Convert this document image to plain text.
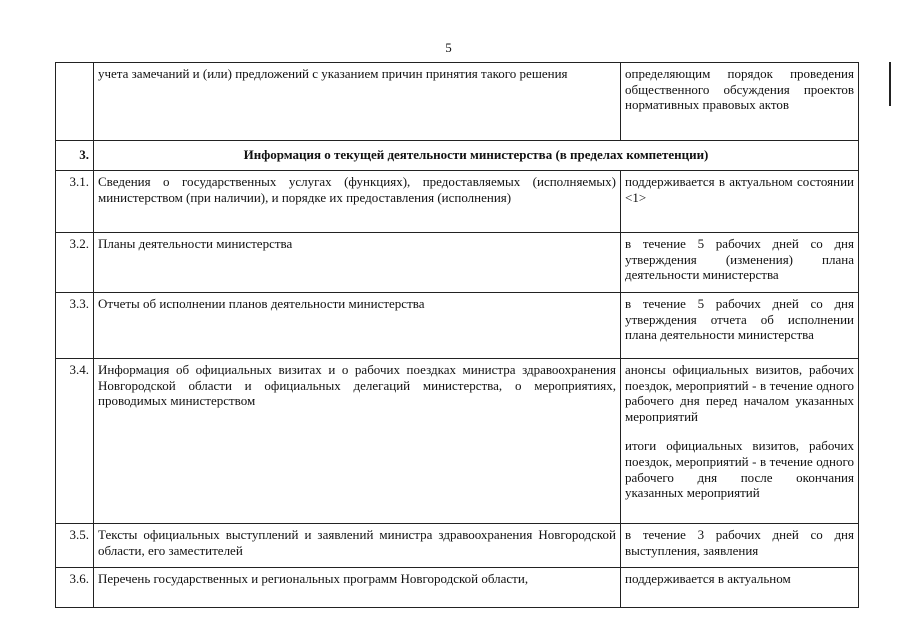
5
	учета замечаний и (или) предложений с указанием причин принятия такого решения	определяющим порядок проведения общественного обсуждения проектов нормативных правовых актов
3.	Информация о текущей деятельности министерства (в пределах компетенции)	
3.1.	Сведения о государственных услугах (функциях), предоставляемых (исполняемых) министерством (при наличии), и порядке их предоставления (исполнения)	поддерживается в актуальном состоянии <1>
3.2.	Планы деятельности министерства	в течение 5 рабочих дней со дня утверждения (изменения) плана деятельности министерства
3.3.	Отчеты об исполнении планов деятельности министерства	в течение 5 рабочих дней со дня утверждения отчета об исполнении плана деятельности министерства
3.4.	Информация об официальных визитах и о рабочих поездках министра здравоохранения Новгородской области и официальных делегаций министерства, о мероприятиях, проводимых министерством	анонсы официальных визитов, рабочих поездок, мероприятий - в течение одного рабочего дня перед началом указанных мероприятий

итоги официальных визитов, рабочих поездок, мероприятий - в течение одного рабочего дня после окончания указанных мероприятий

3.5.	Тексты официальных выступлений и заявлений министра здравоохранения Новгородской области, его заместителей	в течение 3 рабочих дней со дня выступления, заявления
3.6.	Перечень государственных и региональных программ Новгородской области,	поддерживается в актуальном
